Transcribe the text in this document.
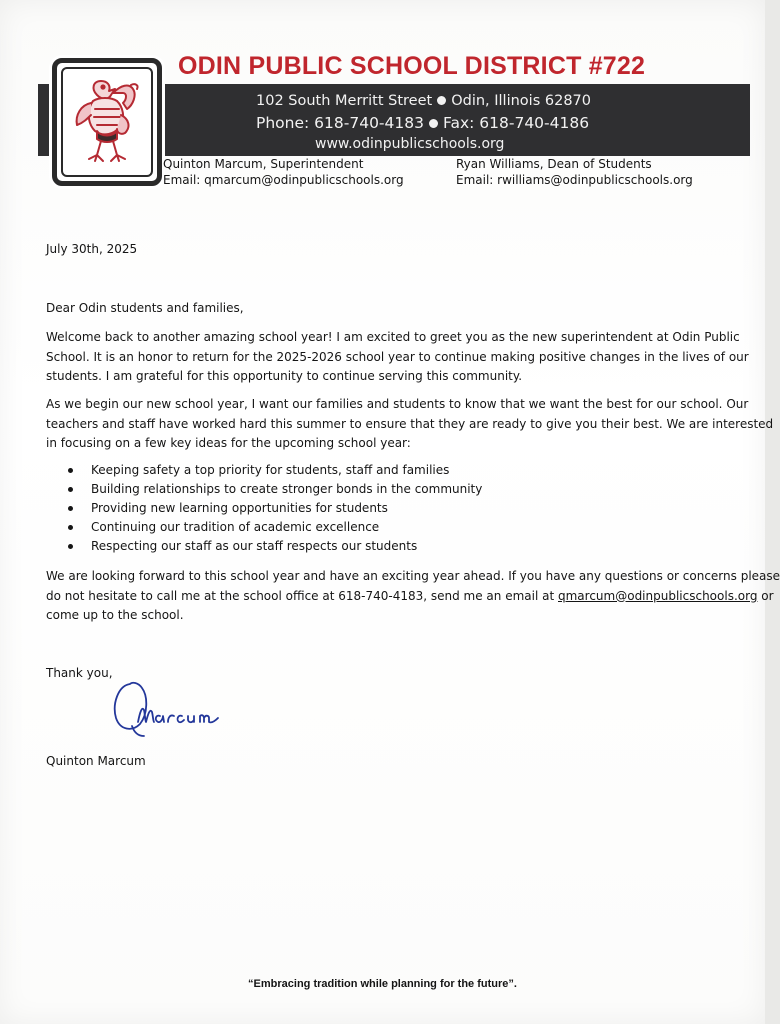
ODIN PUBLIC SCHOOL DISTRICT #722
102 South Merritt Street Odin, Illinois 62870
Phone: 618-740-4183 Fax: 618-740-4186
www.odinpublicschools.org
Quinton Marcum, Superintendent
Email: qmarcum@odinpublicschools.org
Ryan Williams, Dean of Students
Email: rwilliams@odinpublicschools.org
July 30th, 2025
Dear Odin students and families,
Welcome back to another amazing school year! I am excited to greet you as the new superintendent at Odin Public
School. It is an honor to return for the 2025-2026 school year to continue making positive changes in the lives of our
students. I am grateful for this opportunity to continue serving this community.
As we begin our new school year, I want our families and students to know that we want the best for our school. Our
teachers and staff have worked hard this summer to ensure that they are ready to give you their best. We are interested
in focusing on a few key ideas for the upcoming school year:
Keeping safety a top priority for students, staff and families
Building relationships to create stronger bonds in the community
Providing new learning opportunities for students
Continuing our tradition of academic excellence
Respecting our staff as our staff respects our students
We are looking forward to this school year and have an exciting year ahead. If you have any questions or concerns please
do not hesitate to call me at the school office at 618-740-4183, send me an email at qmarcum@odinpublicschools.org or
come up to the school.
Thank you,
Quinton Marcum
“Embracing tradition while planning for the future”.
